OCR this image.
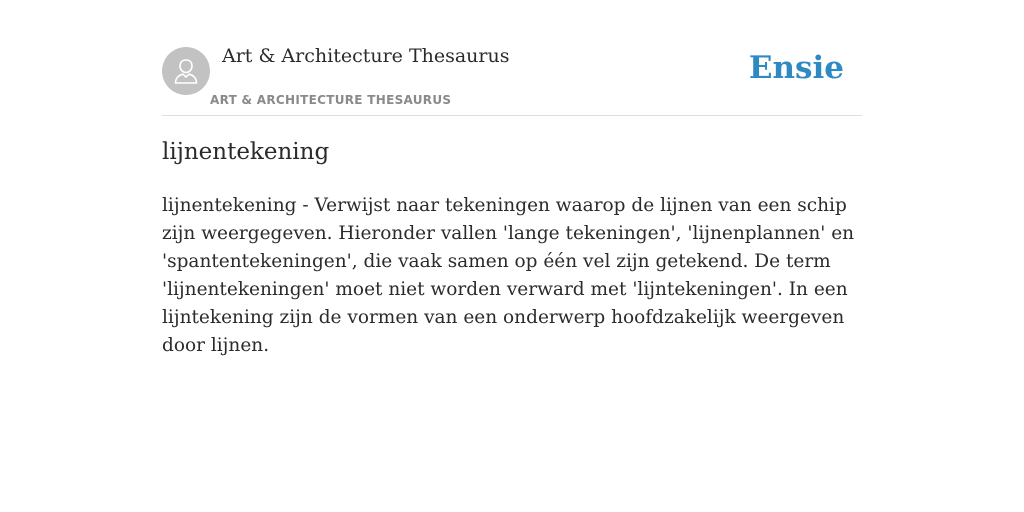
Art & Architecture Thesaurus
ART & ARCHITECTURE THESAURUS
Ensie
lijnentekening

lijnentekening - Verwijst naar tekeningen waarop de lijnen van een schip zijn weergegeven. Hieronder vallen 'lange tekeningen', 'lijnenplannen' en 'spantentekeningen', die vaak samen op één vel zijn getekend. De term 'lijnentekeningen' moet niet worden verward met 'lijntekeningen'. In een lijntekening zijn de vormen van een onderwerp hoofdzakelijk weergeven door lijnen.
